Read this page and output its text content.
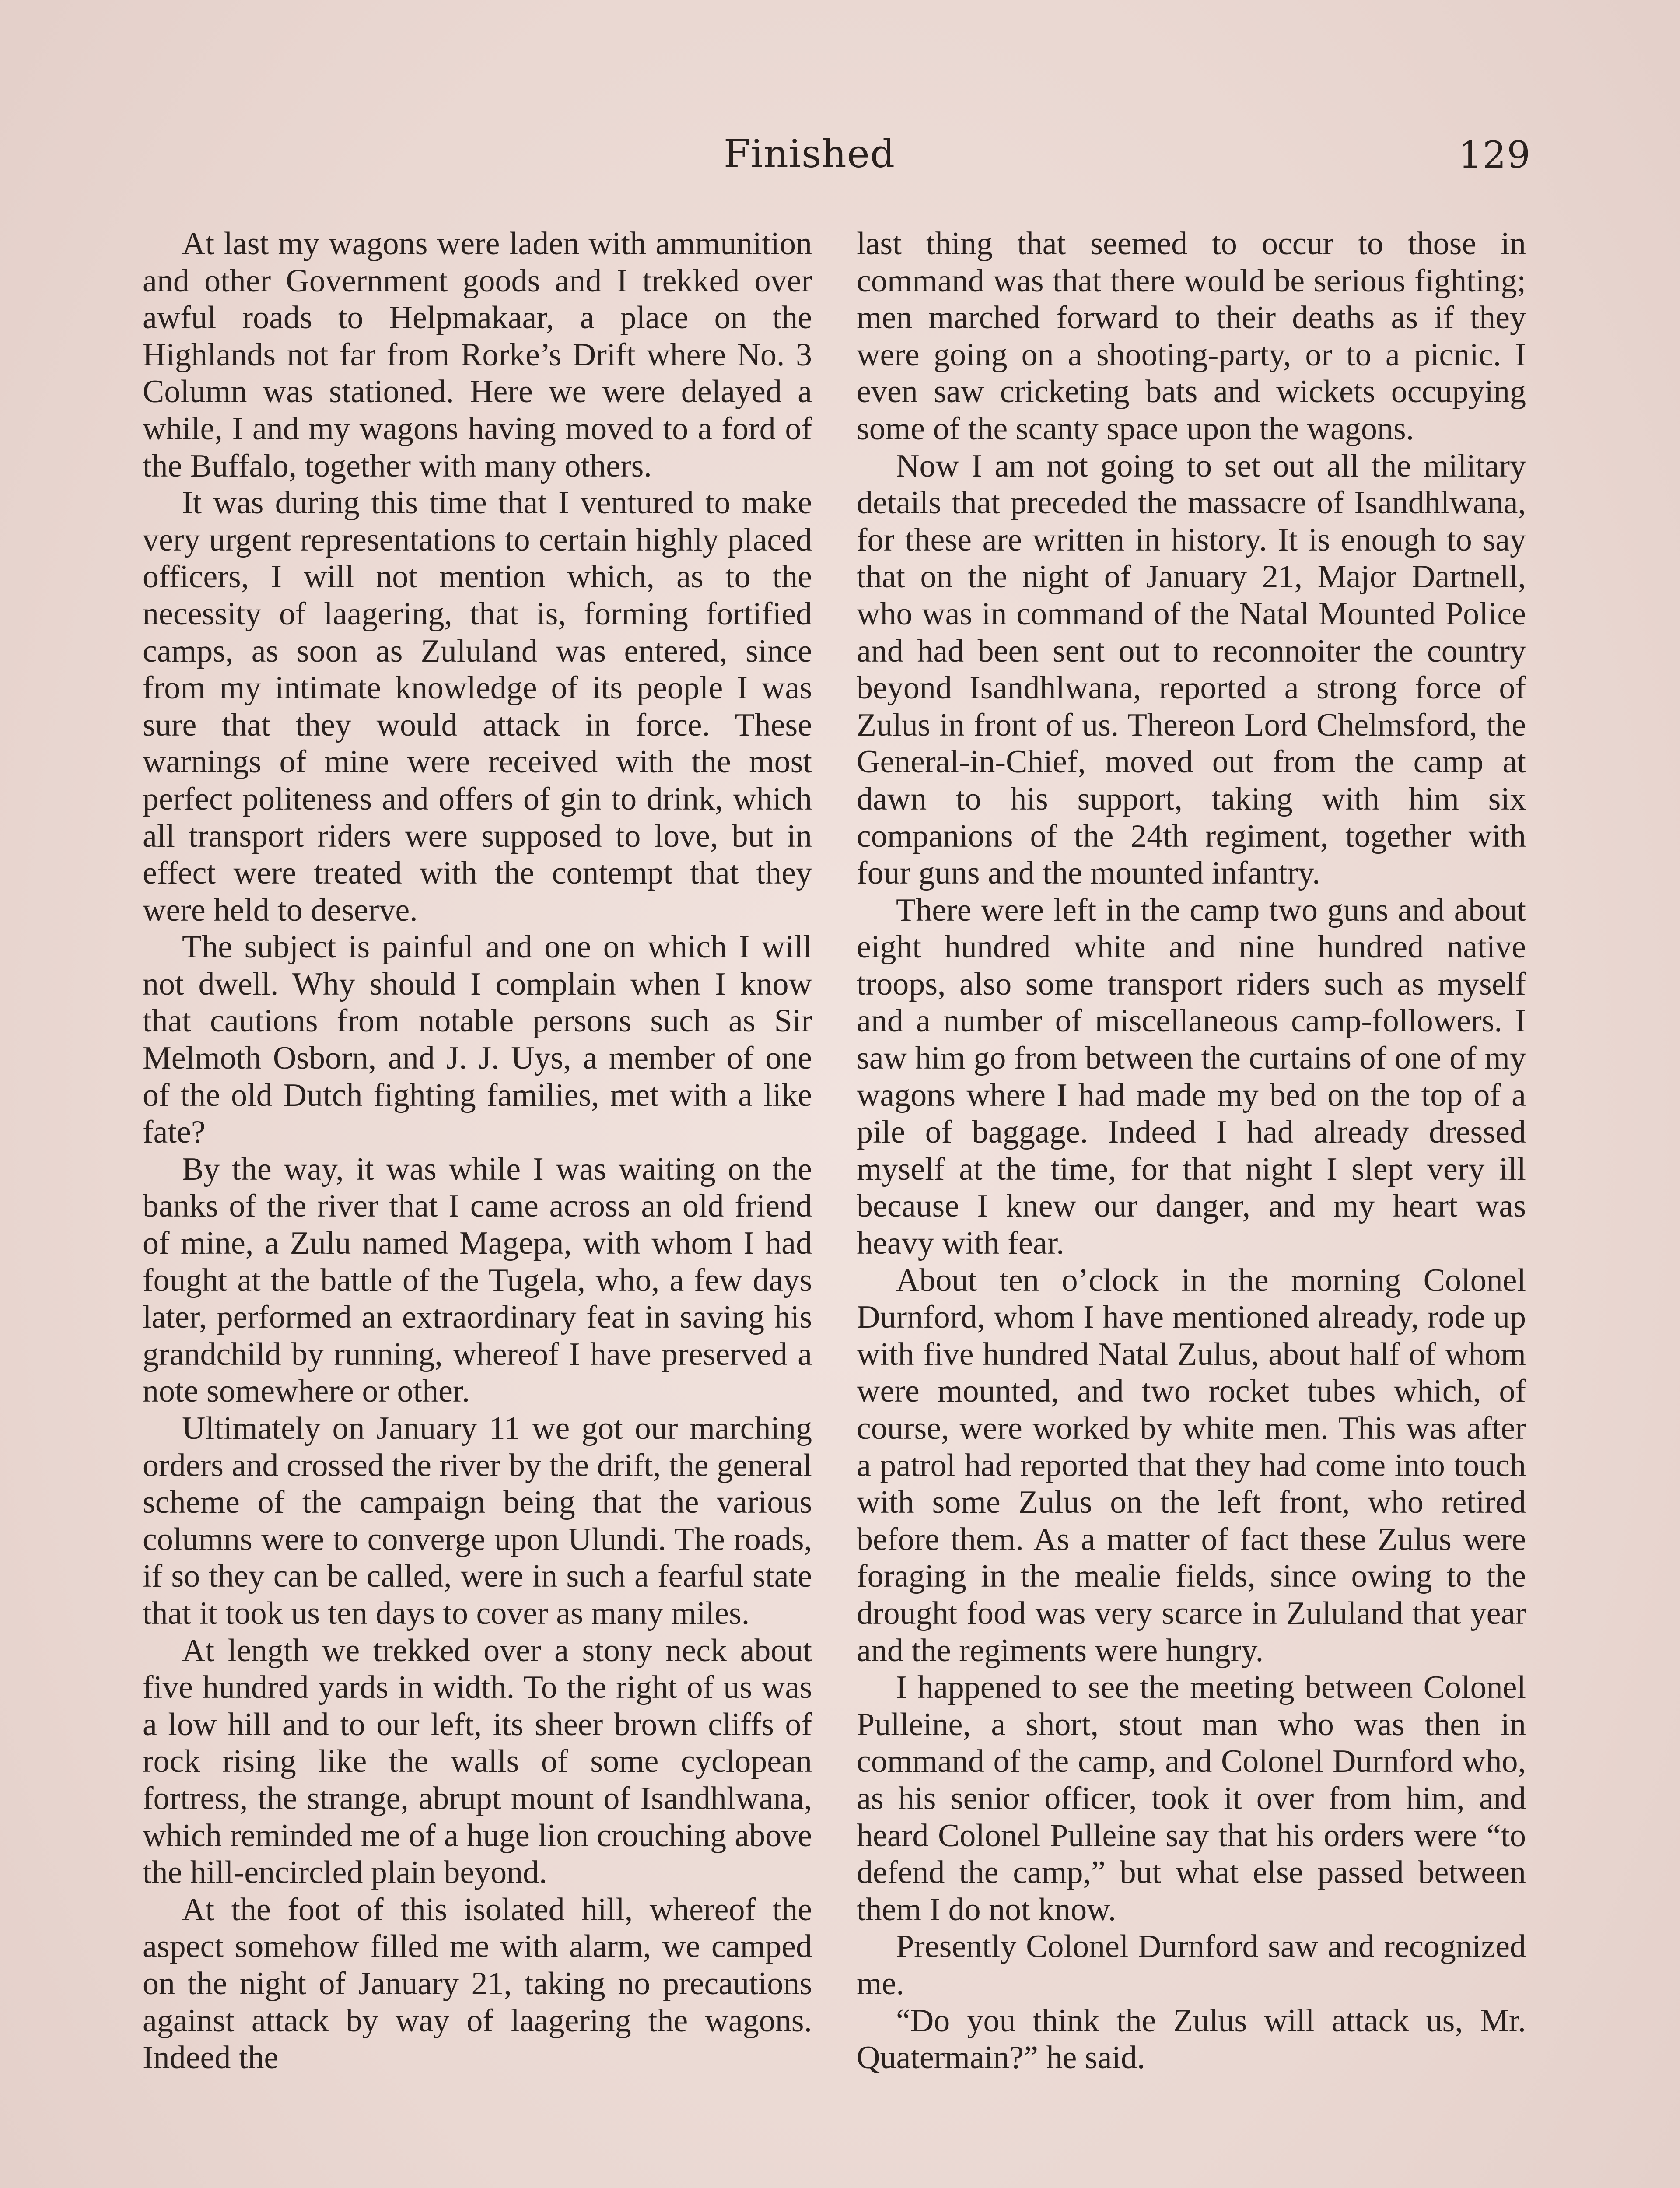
Finished	129

At last my wagons were laden with ammunition and other Government goods and I trekked over awful roads to Helpmakaar, a place on the Highlands not far from Rorke’s Drift where No. 3 Column was stationed. Here we were delayed a while, I and my wagons having moved to a ford of the Buffalo, together with many others.

It was during this time that I ventured to make very urgent representations to certain highly placed officers, I will not mention which, as to the necessity of laagering, that is, forming fortified camps, as soon as Zululand was entered, since from my intimate knowledge of its people I was sure that they would attack in force. These warnings of mine were received with the most perfect politeness and offers of gin to drink, which all transport riders were supposed to love, but in effect were treated with the contempt that they were held to deserve.

The subject is painful and one on which I will not dwell. Why should I complain when I know that cautions from notable persons such as Sir Melmoth Osborn, and J. J. Uys, a member of one of the old Dutch fighting families, met with a like fate?

By the way, it was while I was waiting on the banks of the river that I came across an old friend of mine, a Zulu named Magepa, with whom I had fought at the battle of the Tugela, who, a few days later, performed an extraordinary feat in saving his grandchild by running, whereof I have preserved a note somewhere or other.

Ultimately on January 11 we got our marching orders and crossed the river by the drift, the general scheme of the campaign being that the various columns were to converge upon Ulundi. The roads, if so they can be called, were in such a fearful state that it took us ten days to cover as many miles.

At length we trekked over a stony neck about five hundred yards in width. To the right of us was a low hill and to our left, its sheer brown cliffs of rock rising like the walls of some cyclopean fortress, the strange, abrupt mount of Isandhlwana, which reminded me of a huge lion crouching above the hill-encircled plain beyond.

At the foot of this isolated hill, whereof the aspect somehow filled me with alarm, we camped on the night of January 21, taking no precautions against attack by way of laagering the wagons. Indeed the

last thing that seemed to occur to those in command was that there would be serious fighting; men marched forward to their deaths as if they were going on a shooting-party, or to a picnic. I even saw cricketing bats and wickets occupying some of the scanty space upon the wagons.

Now I am not going to set out all the military details that preceded the massacre of Isandhlwana, for these are written in history. It is enough to say that on the night of January 21, Major Dartnell, who was in command of the Natal Mounted Police and had been sent out to reconnoiter the country beyond Isandhlwana, reported a strong force of Zulus in front of us. Thereon Lord Chelmsford, the General-in-Chief, moved out from the camp at dawn to his support, taking with him six companions of the 24th regiment, together with four guns and the mounted infantry.

There were left in the camp two guns and about eight hundred white and nine hundred native troops, also some transport riders such as myself and a number of miscellaneous camp-followers. I saw him go from between the curtains of one of my wagons where I had made my bed on the top of a pile of baggage. Indeed I had already dressed myself at the time, for that night I slept very ill because I knew our danger, and my heart was heavy with fear.

About ten o’clock in the morning Colonel Durnford, whom I have mentioned already, rode up with five hundred Natal Zulus, about half of whom were mounted, and two rocket tubes which, of course, were worked by white men. This was after a patrol had reported that they had come into touch with some Zulus on the left front, who retired before them. As a matter of fact these Zulus were foraging in the mealie fields, since owing to the drought food was very scarce in Zululand that year and the regiments were hungry.

I happened to see the meeting between Colonel Pulleine, a short, stout man who was then in command of the camp, and Colonel Durnford who, as his senior officer, took it over from him, and heard Colonel Pulleine say that his orders were “to defend the camp,” but what else passed between them I do not know.

Presently Colonel Durnford saw and recognized me.

“Do you think the Zulus will attack us, Mr. Quatermain?” he said.
